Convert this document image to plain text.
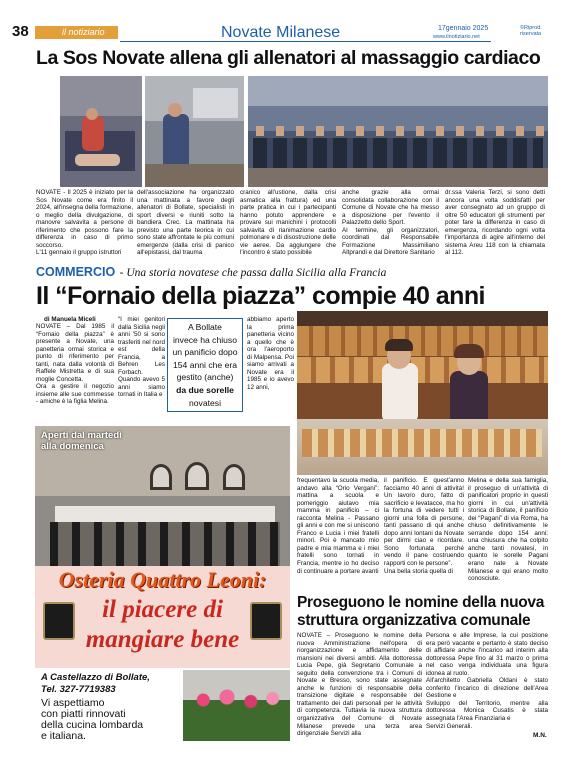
38	il notiziario	Novate Milanese	17gennaio 2025
www.ilnotiziario.net
©Riprod.
riservata
La Sos Novate allena gli allenatori al massaggio cardiaco
NOVATE - Il 2025 è iniziato per la Sos Novate come era finito il 2024, all'insegna della formazione, o meglio della divulgazione, di manovre salvavita a persone di riferimento che possono fare la differenza in caso di primo soccorso.
L'11 gennaio il gruppo istruttori
dell'associazione ha organizzato una mattinata a favore degli allenatori di Bollate, specialisti in sport diversi e riuniti sotto la bandiera Crec. La mattinata ha previsto una parte teorica in cui sono state affrontate le più comuni emergenze (dalla crisi di panico all'epistassi, dal trauma
cranico all'ustione, dalla crisi asmatica alla frattura) ed una parte pratica in cui i partecipanti hanno potuto apprendere e provare sui manichini i protocolli salvavita di rianimazione cardio polmonare e di disostruzione delle vie aeree. Da aggiungere che l'incontro è stato possibile
anche grazie alla ormai consolidata collaborazione con il Comune di Novate che ha messo a disposizione per l'evento il Palazzetto dello Sport.
Al termine, gli organizzatori, coordinati dal Responsabile Formazione Massimiliano Altprandi e dal Direttore Sanitario
dr.ssa Valeria Terzi, si sono detti ancora una volta soddisfatti per aver consegnato ad un gruppo di oltre 50 educatori gli strumenti per poter fare la differenza in caso di emergenza, ricordando ogni volta l'importanza di agire all'interno del sistema Areu 118 con la chiamata al 112.
COMMERCIO - Una storia novatese che passa dalla Sicilia alla Francia
Il “Fornaio della piazza” compie 40 anni
di Manuela Miceli
NOVATE – Dal 1985 il “Fornaio della piazza” è presente a Novate, una panetteria ormai storica e punto di riferimento per tanti, nata dalla volontà di Raffele Mistretta e di sua moglie Concetta.
Ora a gestire il negozio insieme alle sue commesse - amiche è la figlia Melina.
“I miei genitori dalla Sicilia negli anni '50 si sono trasferiti nel nord est della Francia, a Behren Les Forbach. Quando avevo 5 anni siamo tornati in Italia e
A Bollate
invece ha chiuso
un panificio dopo
154 anni che era
gestito (anche)
da due sorelle
novatesi
abbiamo aperto la prima panetteria vicino a quello che è ora l'aeroporto di Malpensa. Poi siamo arrivati a Novate era il 1985 e io avevo 12 anni,
frequentavo la scuola media, andavo alla “Orio Vergani”: mattina a scuola e pomeriggio aiutavo mia mamma in panificio – ci racconta Melina - Passano gli anni e con me si uniscono Franco e Lucia i miei fratelli minori. Poi è mancato mio padre e mia mamma e i miei fratelli sono tornati in Francia, mentre io ho deciso di continuare a portare avanti
il panificio. E quest'anno facciamo 40 anni di attività! Un lavoro duro, fatto di sacrificio e levatacce, ma ho la fortuna di vedere tutti i giorni una folla di persone, tanti passano di qui anche dopo anni lontani da Novate per dirmi ciao e ricordare. Sono fortunata perché vendo il pane costruendo rapporti con le persone”.
Una bella storia quella di
Melina e della sua famiglia, il proseguo di un'attività di panificatori proprio in questi giorni in cui un'attività storica di Bollate, il panificio dei “Pagani” di via Roma, ha chiuso definitivamente le serrande dopo 154 anni: una chiusura che ha colpito anche tanti novatesi, in quanto le sorelle Pagani erano nate a Novate Milanese e qui erano molto conosciute.
Aperti dal martedì
alla domenica
Osteria Quattro Leoni:
il piacere di
mangiare bene
A Castellazzo di Bollate,
Tel. 327-7719383
Vi aspettiamo
con piatti rinnovati
della cucina lombarda
e italiana.
Proseguono le nomine della nuova
struttura organizzativa comunale
NOVATE – Proseguono le nomine della nuova Amministrazione nell'opera di riorganizzazione e affidamento delle mansioni nei diversi ambiti. Alla dottoressa Lucia Pepe, già Segretario Comunale a seguito della convenzione tra i Comuni di Novate e Bresso, sono state assegnate anche le funzioni di responsabile della transizione digitale e responsabile del trattamento dei dati personali per le attività di competenza. Tuttavia la nuova struttura organizzativa del Comune di Novate Milanese prevede una terza area dirigenziale Servizi alla
Persona e alle Imprese, la cui posizione era però vacante e pertanto è stato deciso di affidare anche l'incarico ad interim alla dottoressa Pepe fino al 31 marzo o prima nel caso venga individuata una figura idonea al ruolo.
All'architetto Gabriella Oldani è stato conferito l'incarico di direzione dell'Area Gestione e
Sviluppo del Territorio, mentre alla dottoressa Monica Cusatis è stata assegnata l'Area Finanziaria e
Servizi Generali.
M.N.
